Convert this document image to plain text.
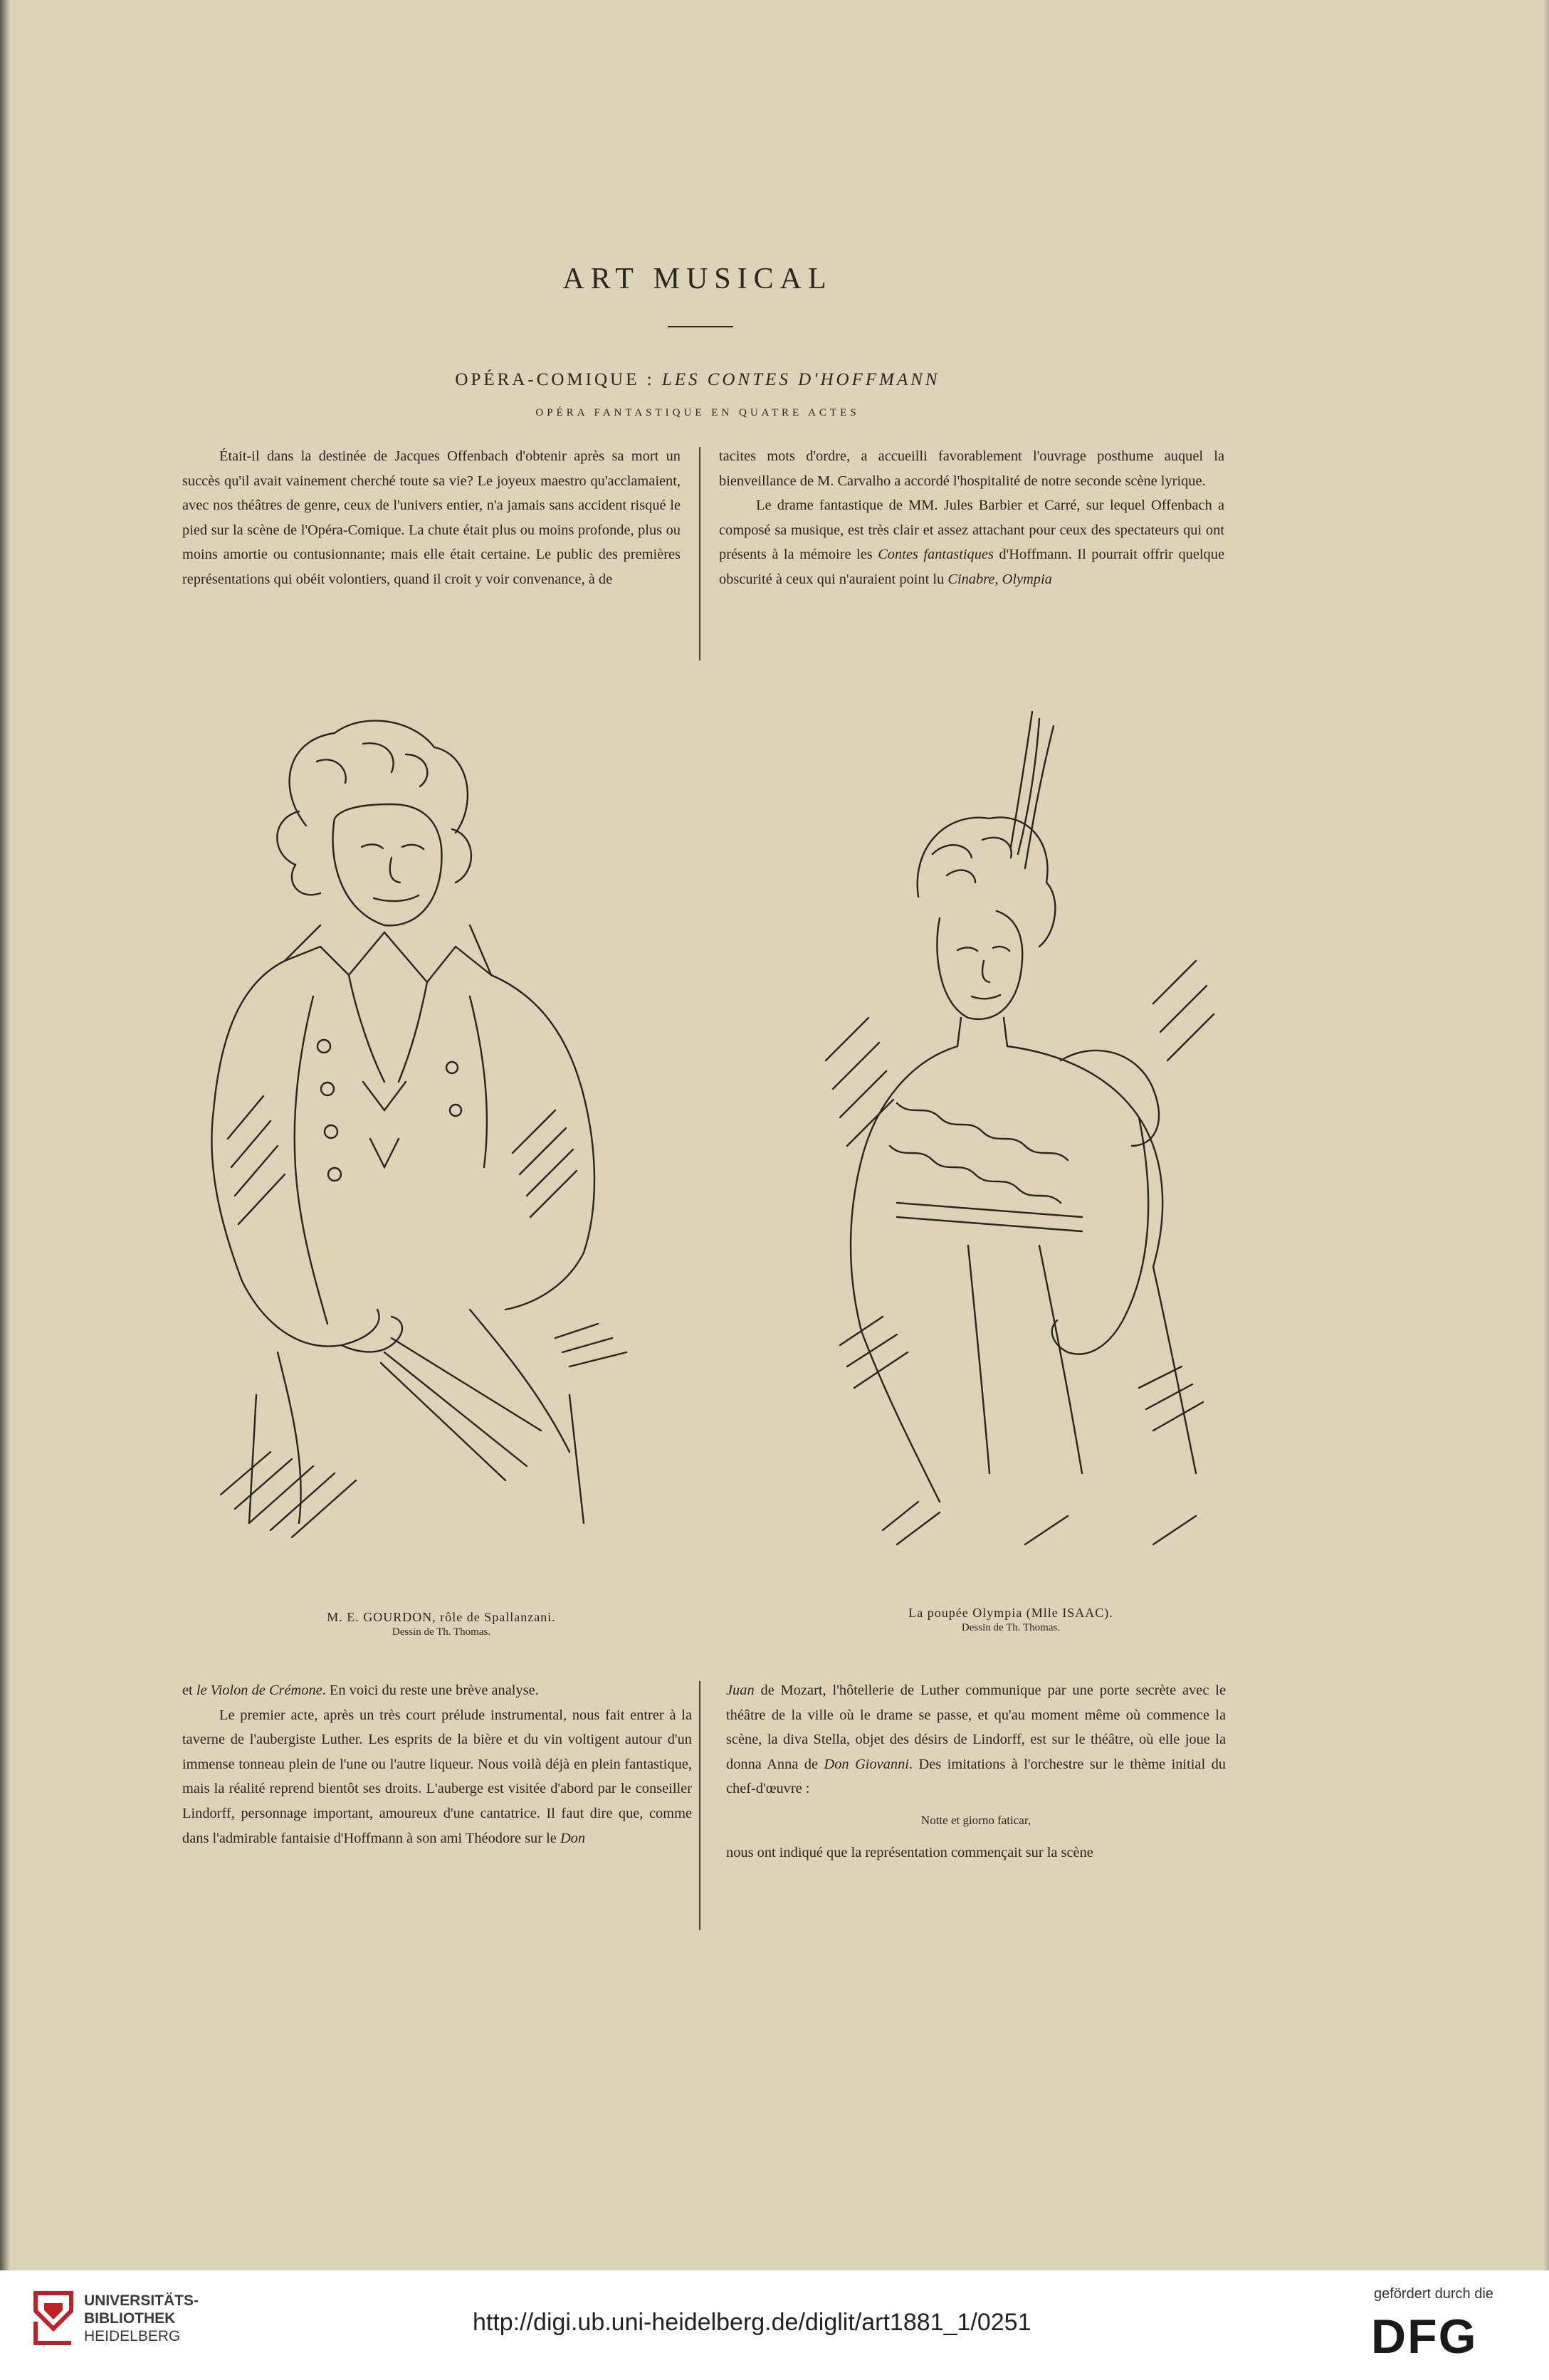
ART MUSICAL
OPÉRA-COMIQUE : LES CONTES D'HOFFMANN
OPÉRA FANTASTIQUE EN QUATRE ACTES

Était-il dans la destinée de Jacques Offenbach d'obtenir après sa mort un succès qu'il avait vainement cherché toute sa vie? Le joyeux maestro qu'acclamaient, avec nos théâtres de genre, ceux de l'univers entier, n'a jamais sans accident risqué le pied sur la scène de l'Opéra-Comique. La chute était plus ou moins profonde, plus ou moins amortie ou contusionnante; mais elle était certaine. Le public des premières représentations qui obéit volontiers, quand il croit y voir convenance, à de

tacites mots d'ordre, a accueilli favorablement l'ouvrage posthume auquel la bienveillance de M. Carvalho a accordé l'hospitalité de notre seconde scène lyrique.

Le drame fantastique de MM. Jules Barbier et Carré, sur lequel Offenbach a composé sa musique, est très clair et assez attachant pour ceux des spectateurs qui ont présents à la mémoire les Contes fantastiques d'Hoffmann. Il pourrait offrir quelque obscurité à ceux qui n'auraient point lu Cinabre, Olympia

M. E. GOURDON, rôle de Spallanzani.
Dessin de Th. Thomas.
La poupée Olympia (Mlle ISAAC).
Dessin de Th. Thomas.

et le Violon de Crémone. En voici du reste une brève analyse.

Le premier acte, après un très court prélude instrumental, nous fait entrer à la taverne de l'aubergiste Luther. Les esprits de la bière et du vin voltigent autour d'un immense tonneau plein de l'une ou l'autre liqueur. Nous voilà déjà en plein fantastique, mais la réalité reprend bientôt ses droits. L'auberge est visitée d'abord par le conseiller Lindorff, personnage important, amoureux d'une cantatrice. Il faut dire que, comme dans l'admirable fantaisie d'Hoffmann à son ami Théodore sur le Don

Juan de Mozart, l'hôtellerie de Luther communique par une porte secrète avec le théâtre de la ville où le drame se passe, et qu'au moment même où commence la scène, la diva Stella, objet des désirs de Lindorff, est sur le théâtre, où elle joue la donna Anna de Don Giovanni. Des imitations à l'orchestre sur le thème initial du chef-d'œuvre :

Notte et giorno faticar,

nous ont indiqué que la représentation commençait sur la scène

UNIVERSITÄTS-
BIBLIOTHEK
HEIDELBERG
http://digi.ub.uni-heidelberg.de/diglit/art1881_1/0251
gefördert durch die
DFG
